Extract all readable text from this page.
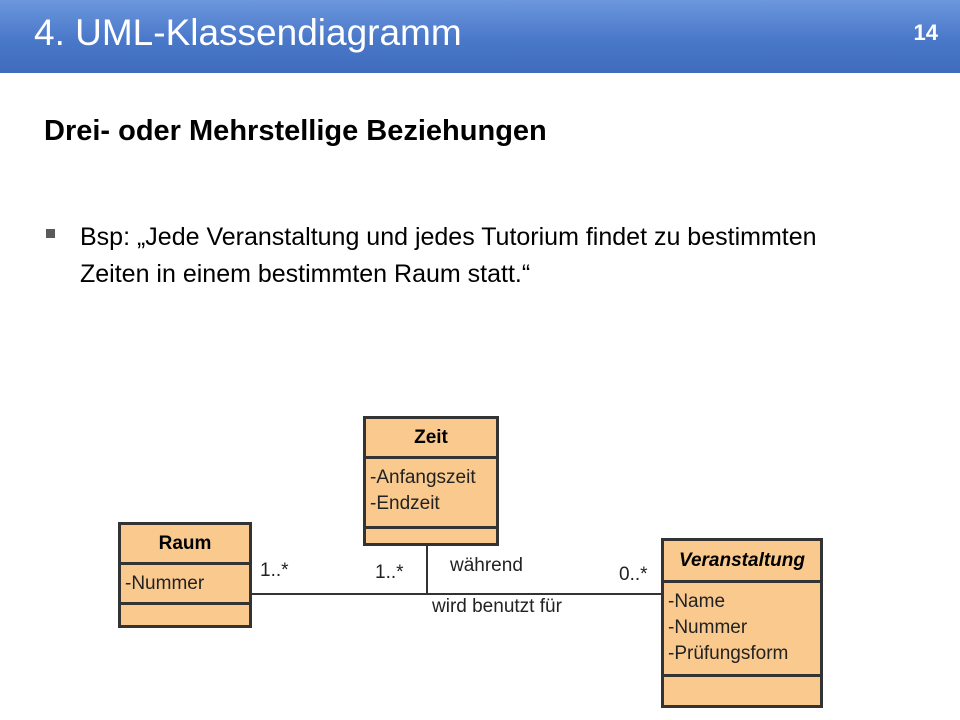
4. UML-Klassendiagramm	14
Drei- oder Mehrstellige Beziehungen
Bsp: „Jede Veranstaltung und jedes Tutorium findet zu bestimmten Zeiten in einem bestimmten Raum statt.“
Zeit
-Anfangszeit
-Endzeit
Raum
-Nummer
Veranstaltung
-Name
-Nummer
-Prüfungsform
1..*	1..*	0..*
während
wird benutzt für
